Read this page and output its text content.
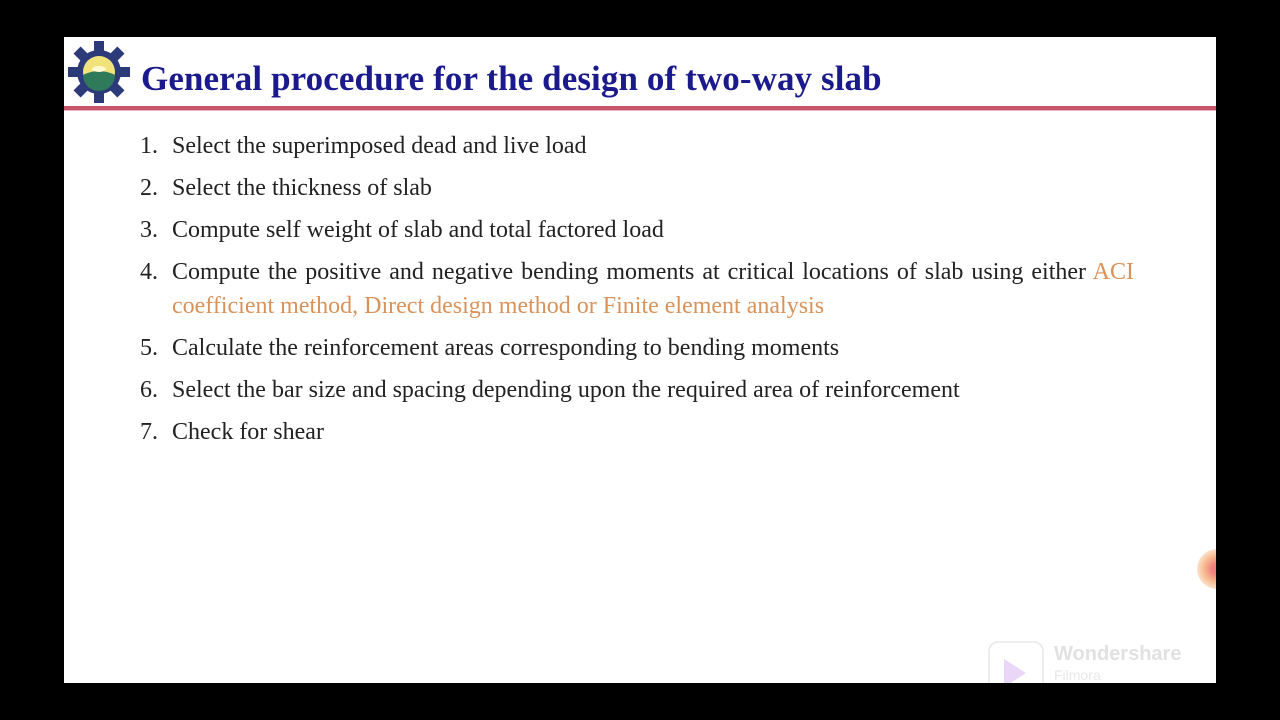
General procedure for the design of two-way slab
1. Select the superimposed dead and live load
2. Select the thickness of slab
3. Compute self weight of slab and total factored load
4. Compute the positive and negative bending moments at critical locations of slab using either ACI coefficient method, Direct design method or Finite element analysis
5. Calculate the reinforcement areas corresponding to bending moments
6. Select the bar size and spacing depending upon the required area of reinforcement
7. Check for shear
Wondershare
Filmora
